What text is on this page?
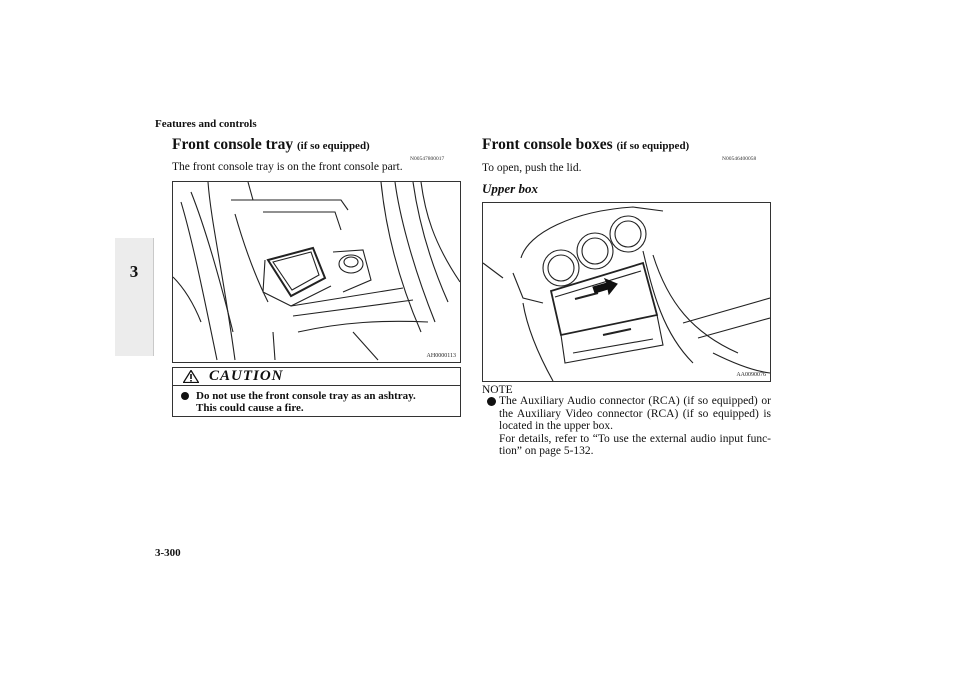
Features and controls
3
Front console tray (if so equipped)
N00547800017
The front console tray is on the front console part.
AH0000113
CAUTION
Do not use the front console tray as an ashtray.
This could cause a fire.
Front console boxes (if so equipped)
N00546400058
To open, push the lid.
Upper box
AA0090076
NOTE

The Auxiliary Audio connector (RCA) (if so equipped) or the Auxiliary Video connector (RCA) (if so equipped) is located in the upper box.

For details, refer to “To use the external audio input func-tion” on page 5-132.

3-300
